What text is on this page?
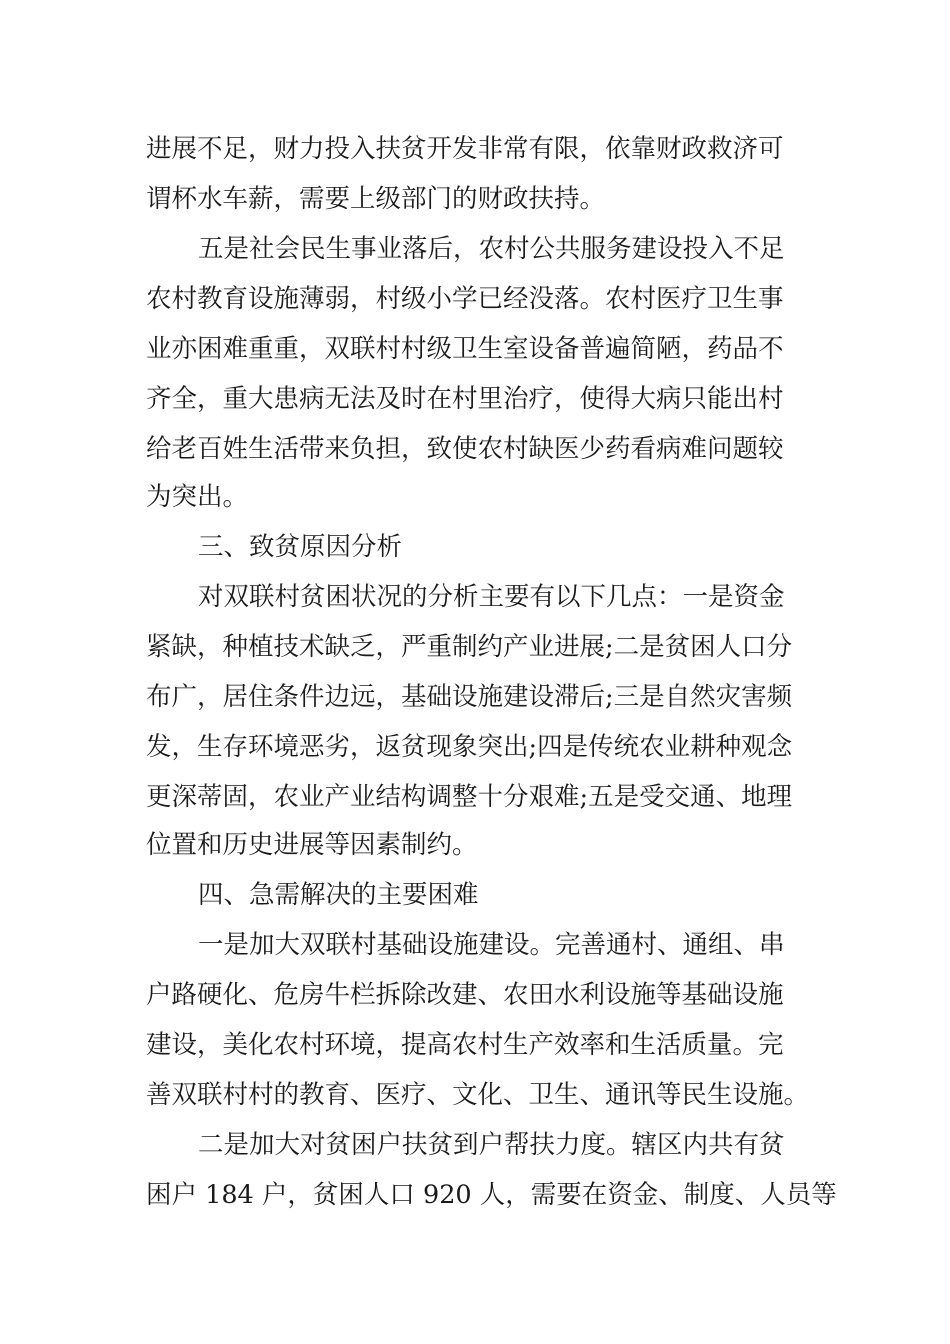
进展不足，财力投入扶贫开发非常有限，依靠财政救济可
谓杯水车薪，需要上级部门的财政扶持。
五是社会民生事业落后，农村公共服务建设投入不足
农村教育设施薄弱，村级小学已经没落。农村医疗卫生事
业亦困难重重，双联村村级卫生室设备普遍简陋，药品不
齐全，重大患病无法及时在村里治疗，使得大病只能出村
给老百姓生活带来负担，致使农村缺医少药看病难问题较
为突出。
三、致贫原因分析
对双联村贫困状况的分析主要有以下几点：一是资金
紧缺，种植技术缺乏，严重制约产业进展;二是贫困人口分
布广，居住条件边远，基础设施建设滞后;三是自然灾害频
发，生存环境恶劣，返贫现象突出;四是传统农业耕种观念
更深蒂固，农业产业结构调整十分艰难;五是受交通、地理
位置和历史进展等因素制约。
四、急需解决的主要困难
一是加大双联村基础设施建设。完善通村、通组、串
户路硬化、危房牛栏拆除改建、农田水利设施等基础设施
建设，美化农村环境，提高农村生产效率和生活质量。完
善双联村村的教育、医疗、文化、卫生、通讯等民生设施。
二是加大对贫困户扶贫到户帮扶力度。辖区内共有贫
困户 184 户，贫困人口 920 人，需要在资金、制度、人员等
